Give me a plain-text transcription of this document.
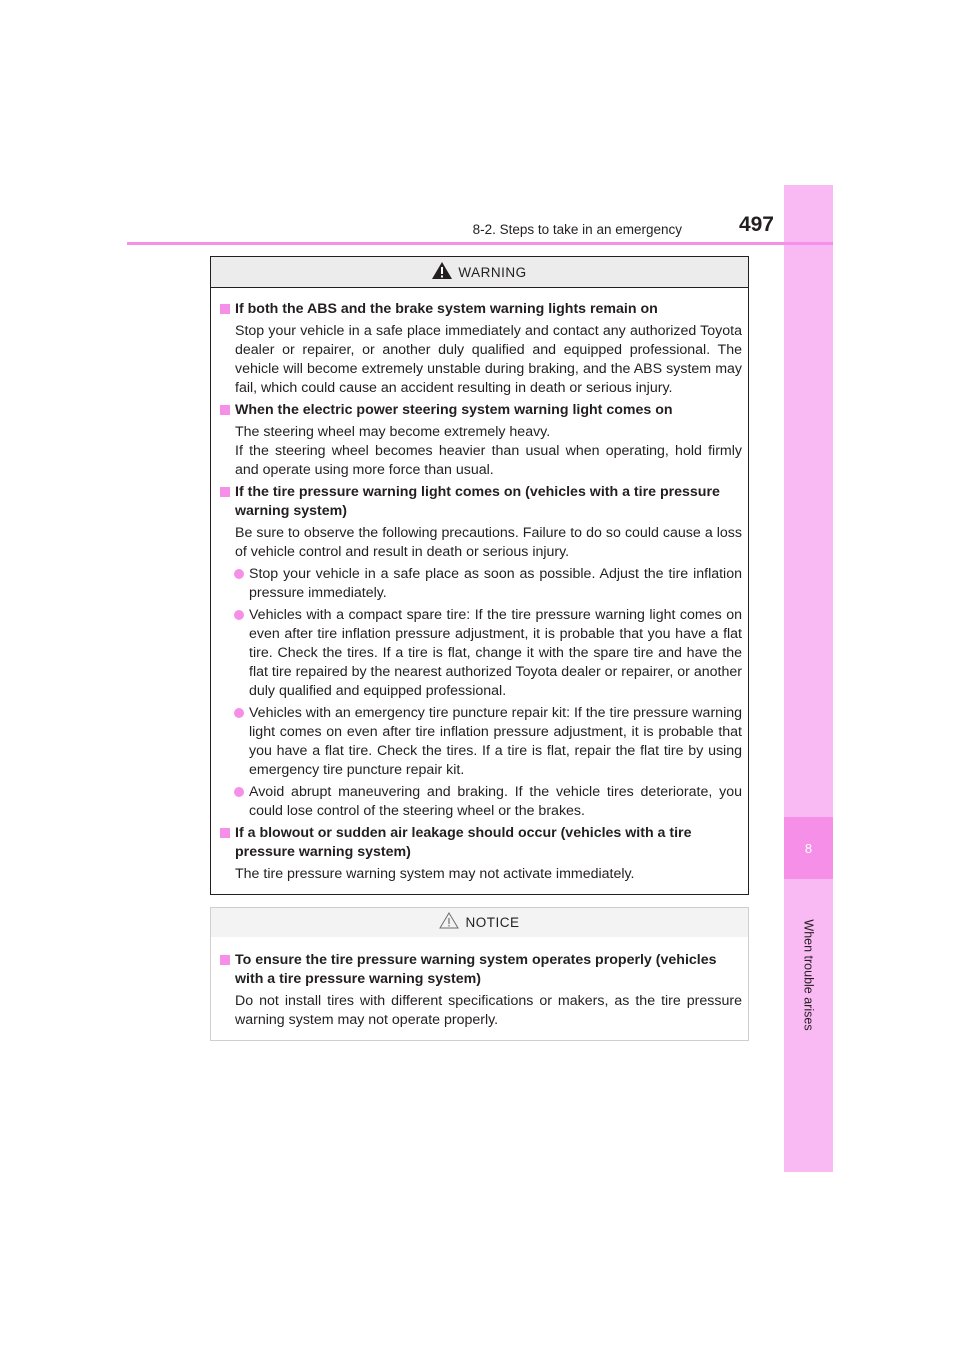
8
When trouble arises
8-2. Steps to take in an emergency	497
WARNING
If both the ABS and the brake system warning lights remain on
Stop your vehicle in a safe place immediately and contact any authorized Toyota dealer or repairer, or another duly qualified and equipped professional. The vehicle will become extremely unstable during braking, and the ABS system may fail, which could cause an accident resulting in death or serious injury.
When the electric power steering system warning light comes on
The steering wheel may become extremely heavy.
If the steering wheel becomes heavier than usual when operating, hold firmly and operate using more force than usual.
If the tire pressure warning light comes on (vehicles with a tire pressure warning system)
Be sure to observe the following precautions. Failure to do so could cause a loss of vehicle control and result in death or serious injury.
Stop your vehicle in a safe place as soon as possible. Adjust the tire inflation pressure immediately.
Vehicles with a compact spare tire: If the tire pressure warning light comes on even after tire inflation pressure adjustment, it is probable that you have a flat tire. Check the tires. If a tire is flat, change it with the spare tire and have the flat tire repaired by the nearest authorized Toyota dealer or repairer, or another duly qualified and equipped professional.
Vehicles with an emergency tire puncture repair kit: If the tire pressure warning light comes on even after tire inflation pressure adjustment, it is probable that you have a flat tire. Check the tires. If a tire is flat, repair the flat tire by using emergency tire puncture repair kit.
Avoid abrupt maneuvering and braking. If the vehicle tires deteriorate, you could lose control of the steering wheel or the brakes.
If a blowout or sudden air leakage should occur (vehicles with a tire pressure warning system)
The tire pressure warning system may not activate immediately.
NOTICE
To ensure the tire pressure warning system operates properly (vehicles with a tire pressure warning system)
Do not install tires with different specifications or makers, as the tire pressure warning system may not operate properly.
